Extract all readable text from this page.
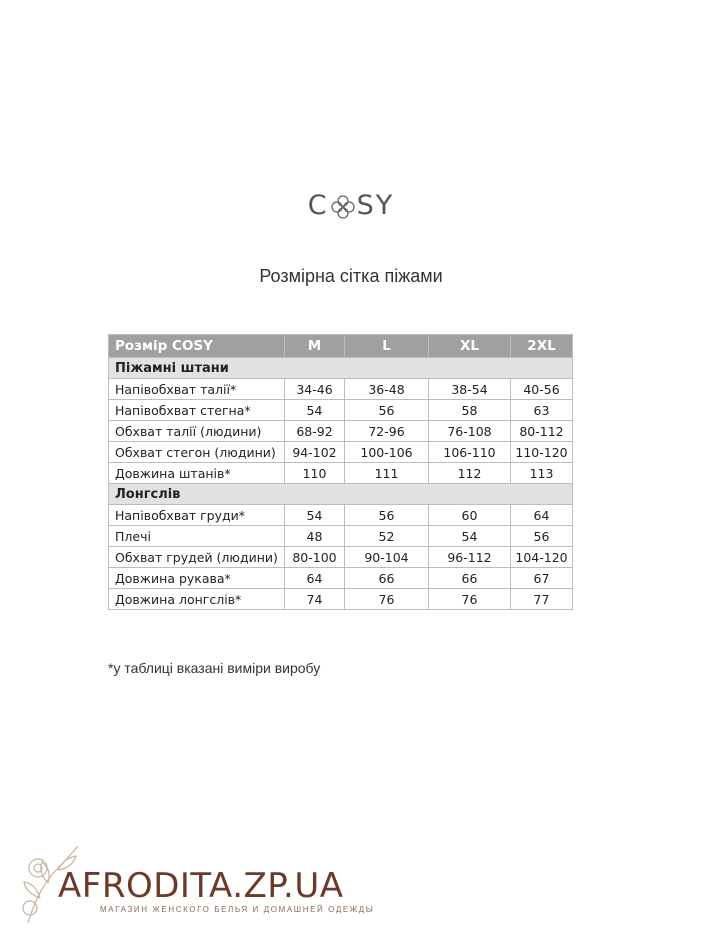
C SY
Розмірна сітка піжами
Розмір COSY	M	L	XL	2XL
Піжамні штани				
Напівобхват талії*	34-46	36-48	38-54	40-56
Напівобхват стегна*	54	56	58	63
Обхват талії (людини)	68-92	72-96	76-108	80-112
Обхват стегон (людини)	94-102	100-106	106-110	110-120
Довжина штанів*	110	111	112	113
Лонгслів				
Напівобхват груди*	54	56	60	64
Плечі	48	52	54	56
Обхват грудей (людини)	80-100	90-104	96-112	104-120
Довжина рукава*	64	66	66	67
Довжина лонгслів*	74	76	76	77
*у таблиці вказані виміри виробу
AFRODITA.ZP.UA
МАГАЗИН ЖЕНСКОГО БЕЛЬЯ И ДОМАШНЕЙ ОДЕЖДЫ
